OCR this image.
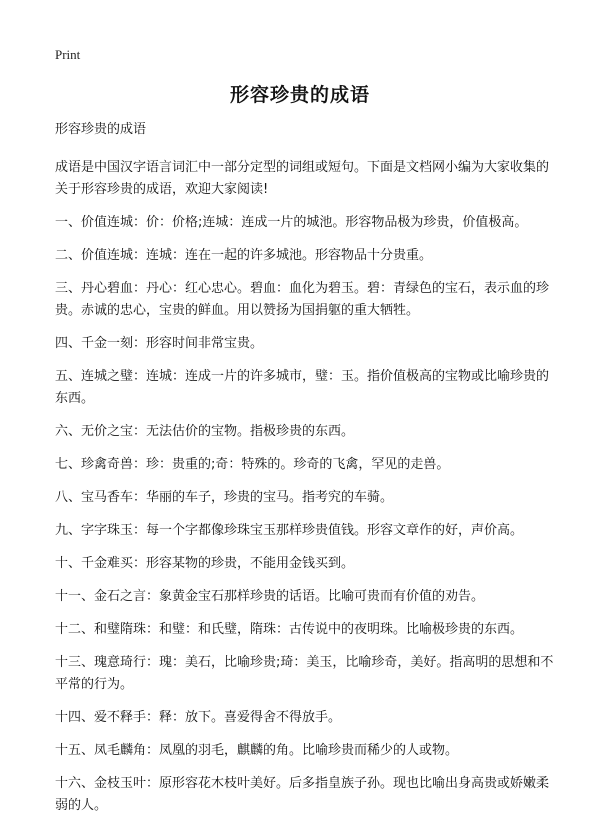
Print
形容珍贵的成语

形容珍贵的成语

成语是中国汉字语言词汇中一部分定型的词组或短句。下面是文档网小编为大家收集的关于形容珍贵的成语，欢迎大家阅读!

一、价值连城：价：价格;连城：连成一片的城池。形容物品极为珍贵，价值极高。

二、价值连城：连城：连在一起的许多城池。形容物品十分贵重。

三、丹心碧血：丹心：红心忠心。碧血：血化为碧玉。碧：青绿色的宝石，表示血的珍贵。赤诚的忠心，宝贵的鲜血。用以赞扬为国捐躯的重大牺牲。

四、千金一刻：形容时间非常宝贵。

五、连城之璧：连城：连成一片的许多城市，璧：玉。指价值极高的宝物或比喻珍贵的东西。

六、无价之宝：无法估价的宝物。指极珍贵的东西。

七、珍禽奇兽：珍：贵重的;奇：特殊的。珍奇的飞禽，罕见的走兽。

八、宝马香车：华丽的车子，珍贵的宝马。指考究的车骑。

九、字字珠玉：每一个字都像珍珠宝玉那样珍贵值钱。形容文章作的好，声价高。

十、千金难买：形容某物的珍贵，不能用金钱买到。

十一、金石之言：象黄金宝石那样珍贵的话语。比喻可贵而有价值的劝告。

十二、和璧隋珠：和璧：和氏璧，隋珠：古传说中的夜明珠。比喻极珍贵的东西。

十三、瑰意琦行：瑰：美石，比喻珍贵;琦：美玉，比喻珍奇，美好。指高明的思想和不平常的行为。

十四、爱不释手：释：放下。喜爱得舍不得放手。

十五、凤毛麟角：凤凰的羽毛，麒麟的角。比喻珍贵而稀少的人或物。

十六、金枝玉叶：原形容花木枝叶美好。后多指皇族子孙。现也比喻出身高贵或娇嫩柔弱的人。
